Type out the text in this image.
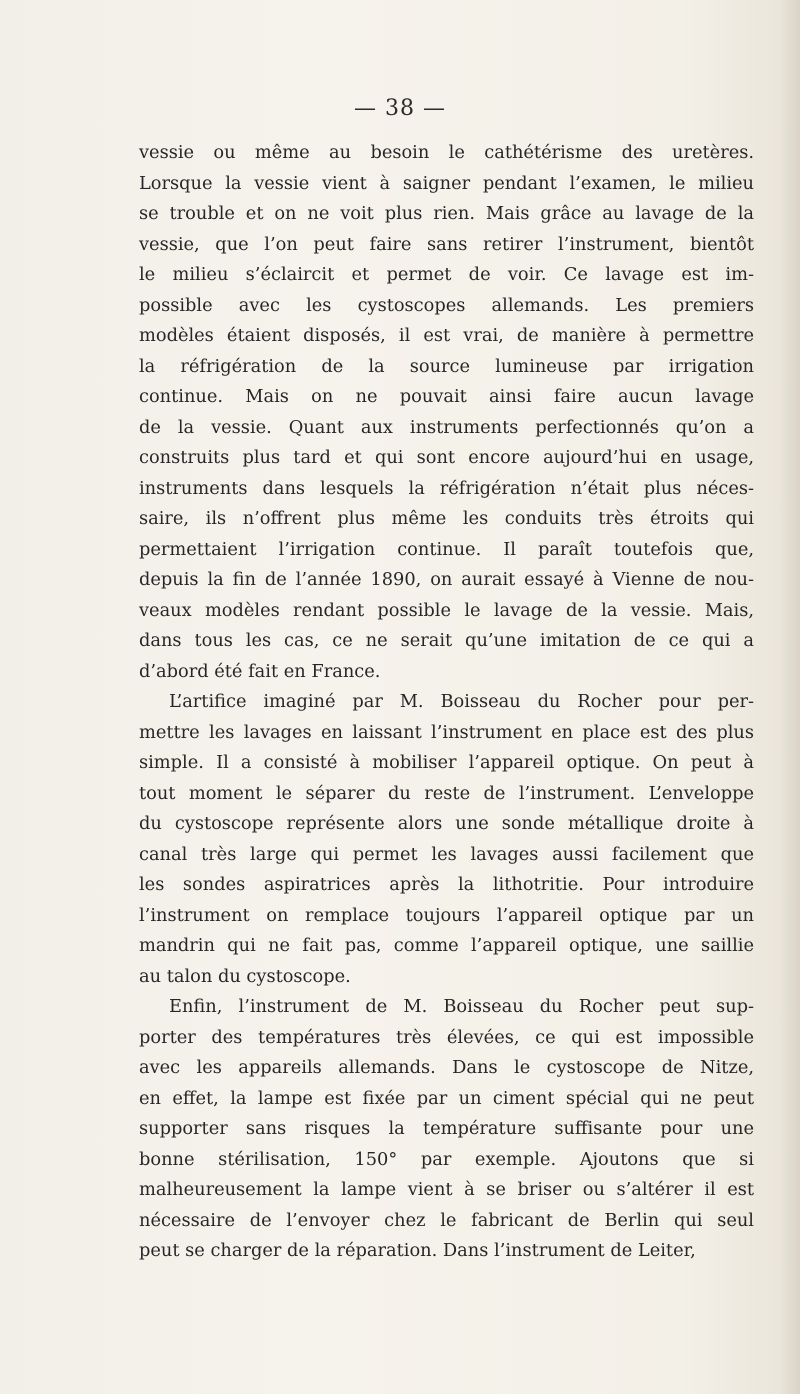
— 38 —

vessie ou même au besoin le cathétérisme des uretères.
Lorsque la vessie vient à saigner pendant l’examen, le milieu
se trouble et on ne voit plus rien. Mais grâce au lavage de la
vessie, que l’on peut faire sans retirer l’instrument, bientôt
le milieu s’éclaircit et permet de voir. Ce lavage est im-
possible avec les cystoscopes allemands. Les premiers
modèles étaient disposés, il est vrai, de manière à permettre
la réfrigération de la source lumineuse par irrigation
continue. Mais on ne pouvait ainsi faire aucun lavage
de la vessie. Quant aux instruments perfectionnés qu’on a
construits plus tard et qui sont encore aujourd’hui en usage,
instruments dans lesquels la réfrigération n’était plus néces-
saire, ils n’offrent plus même les conduits très étroits qui
permettaient l’irrigation continue. Il paraît toutefois que,
depuis la fin de l’année 1890, on aurait essayé à Vienne de nou-
veaux modèles rendant possible le lavage de la vessie. Mais,
dans tous les cas, ce ne serait qu’une imitation de ce qui a
d’abord été fait en France.

L’artifice imaginé par M. Boisseau du Rocher pour per-
mettre les lavages en laissant l’instrument en place est des plus
simple. Il a consisté à mobiliser l’appareil optique. On peut à
tout moment le séparer du reste de l’instrument. L’enveloppe
du cystoscope représente alors une sonde métallique droite à
canal très large qui permet les lavages aussi facilement que
les sondes aspiratrices après la lithotritie. Pour introduire
l’instrument on remplace toujours l’appareil optique par un
mandrin qui ne fait pas, comme l’appareil optique, une saillie
au talon du cystoscope.

Enfin, l’instrument de M. Boisseau du Rocher peut sup-
porter des températures très élevées, ce qui est impossible
avec les appareils allemands. Dans le cystoscope de Nitze,
en effet, la lampe est fixée par un ciment spécial qui ne peut
supporter sans risques la température suffisante pour une
bonne stérilisation, 150° par exemple. Ajoutons que si
malheureusement la lampe vient à se briser ou s’altérer il est
nécessaire de l’envoyer chez le fabricant de Berlin qui seul
peut se charger de la réparation. Dans l’instrument de Leiter,
